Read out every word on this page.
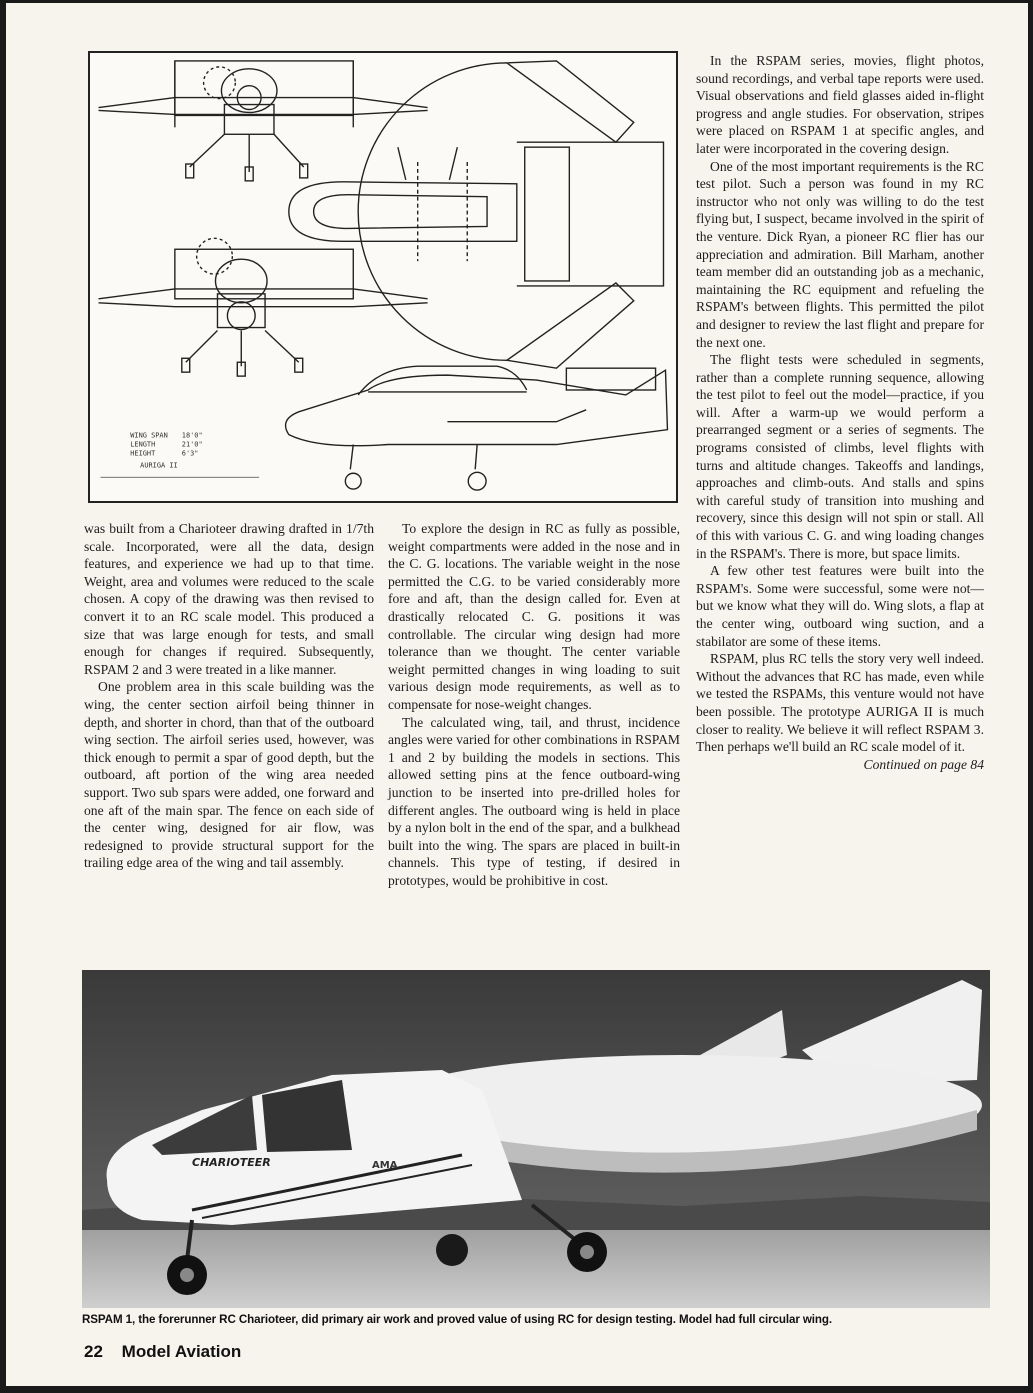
WING SPAN 18'0"
LENGTH	21'0"
HEIGHT	6'3"
AURIGA II

In the RSPAM series, movies, flight photos, sound recordings, and verbal tape reports were used. Visual observations and field glasses aided in-flight progress and angle studies. For observation, stripes were placed on RSPAM 1 at specific angles, and later were incorporated in the covering design.

One of the most important requirements is the RC test pilot. Such a person was found in my RC instructor who not only was willing to do the test flying but, I suspect, became involved in the spirit of the venture. Dick Ryan, a pioneer RC flier has our appreciation and admiration. Bill Marham, another team member did an outstanding job as a mechanic, maintaining the RC equipment and refueling the RSPAM's between flights. This permitted the pilot and designer to review the last flight and prepare for the next one.

The flight tests were scheduled in segments, rather than a complete running sequence, allowing the test pilot to feel out the model—practice, if you will. After a warm-up we would perform a prearranged segment or a series of segments. The programs consisted of climbs, level flights with turns and altitude changes. Takeoffs and landings, approaches and climb-outs. And stalls and spins with careful study of transition into mushing and recovery, since this design will not spin or stall. All of this with various C. G. and wing loading changes in the RSPAM's. There is more, but space limits.

A few other test features were built into the RSPAM's. Some were successful, some were not—but we know what they will do. Wing slots, a flap at the center wing, outboard wing suction, and a stabilator are some of these items.

RSPAM, plus RC tells the story very well indeed. Without the advances that RC has made, even while we tested the RSPAMs, this venture would not have been possible. The prototype AURIGA II is much closer to reality. We believe it will reflect RSPAM 3. Then perhaps we'll build an RC scale model of it.

Continued on page 84

was built from a Charioteer drawing drafted in 1/7th scale. Incorporated, were all the data, design features, and experience we had up to that time. Weight, area and volumes were reduced to the scale chosen. A copy of the drawing was then revised to convert it to an RC scale model. This produced a size that was large enough for tests, and small enough for changes if required. Subsequently, RSPAM 2 and 3 were treated in a like manner.

One problem area in this scale building was the wing, the center section airfoil being thinner in depth, and shorter in chord, than that of the outboard wing section. The airfoil series used, however, was thick enough to permit a spar of good depth, but the outboard, aft portion of the wing area needed support. Two sub spars were added, one forward and one aft of the main spar. The fence on each side of the center wing, designed for air flow, was redesigned to provide structural support for the trailing edge area of the wing and tail assembly.

To explore the design in RC as fully as possible, weight compartments were added in the nose and in the C. G. locations. The variable weight in the nose permitted the C.G. to be varied considerably more fore and aft, than the design called for. Even at drastically relocated C. G. positions it was controllable. The circular wing design had more tolerance than we thought. The center variable weight permitted changes in wing loading to suit various design mode requirements, as well as to compensate for nose-weight changes.

The calculated wing, tail, and thrust, incidence angles were varied for other combinations in RSPAM 1 and 2 by building the models in sections. This allowed setting pins at the fence outboard-wing junction to be inserted into pre-drilled holes for different angles. The outboard wing is held in place by a nylon bolt in the end of the spar, and a bulkhead built into the wing. The spars are placed in built-in channels. This type of testing, if desired in prototypes, would be prohibitive in cost.

CHARIOTEER	AMA
RSPAM 1, the forerunner RC Charioteer, did primary air work and proved value of using RC for design testing. Model had full circular wing.
22 Model Aviation
